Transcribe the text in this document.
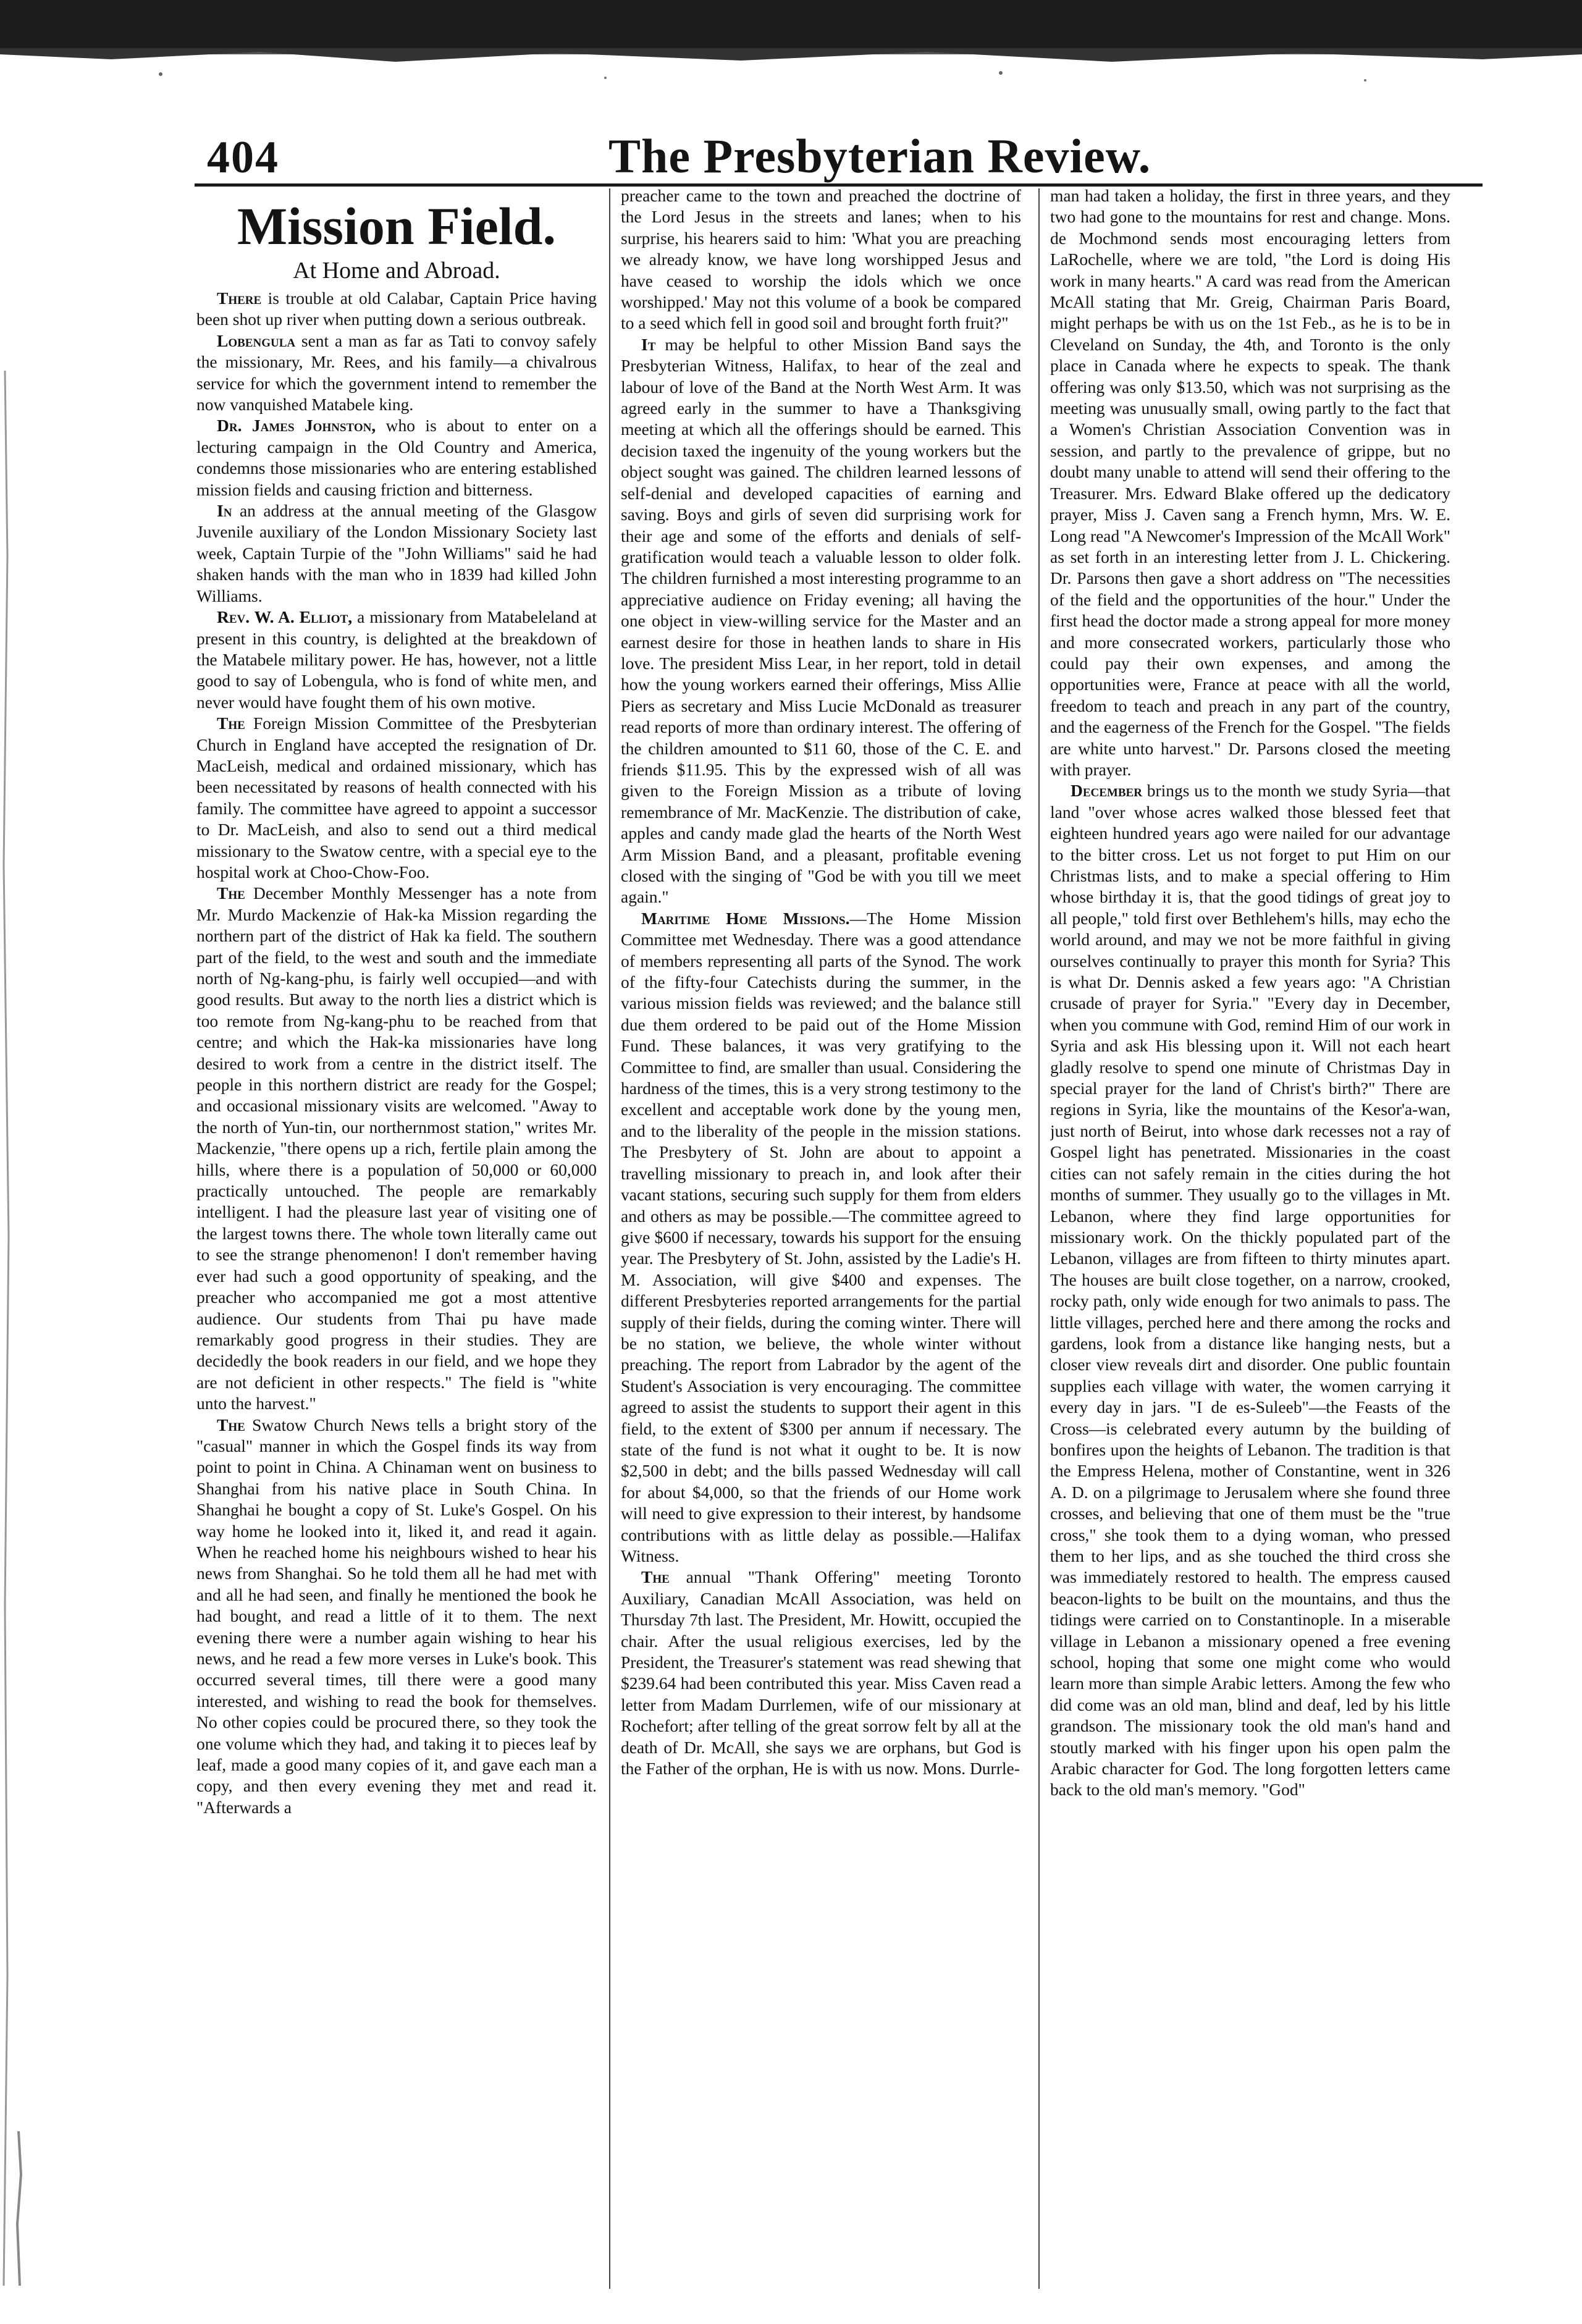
404	The Presbyterian Review.
Mission Field.
At Home and Abroad.

There is trouble at old Calabar, Captain Price having been shot up river when putting down a serious outbreak.

Lobengula sent a man as far as Tati to convoy safely the missionary, Mr. Rees, and his family—a chivalrous service for which the government intend to remember the now vanquished Matabele king.

Dr. James Johnston, who is about to enter on a lecturing campaign in the Old Country and America, condemns those missionaries who are entering established mission fields and causing friction and bitterness.

In an address at the annual meeting of the Glasgow Juvenile auxiliary of the London Missionary Society last week, Captain Turpie of the "John Williams" said he had shaken hands with the man who in 1839 had killed John Williams.

Rev. W. A. Elliot, a missionary from Matabeleland at present in this country, is delighted at the breakdown of the Matabele military power. He has, however, not a little good to say of Lobengula, who is fond of white men, and never would have fought them of his own motive.

The Foreign Mission Committee of the Presbyterian Church in England have accepted the resignation of Dr. MacLeish, medical and ordained missionary, which has been necessitated by reasons of health connected with his family. The committee have agreed to appoint a successor to Dr. MacLeish, and also to send out a third medical missionary to the Swatow centre, with a special eye to the hospital work at Choo-Chow-Foo.

The December Monthly Messenger has a note from Mr. Murdo Mackenzie of Hak-ka Mission regarding the northern part of the district of Hak ka field. The southern part of the field, to the west and south and the immediate north of Ng-kang-phu, is fairly well occupied—and with good results. But away to the north lies a district which is too remote from Ng-kang-phu to be reached from that centre; and which the Hak-ka missionaries have long desired to work from a centre in the district itself. The people in this northern district are ready for the Gospel; and occasional missionary visits are welcomed. "Away to the north of Yun-tin, our northernmost station," writes Mr. Mackenzie, "there opens up a rich, fertile plain among the hills, where there is a population of 50,000 or 60,000 practically untouched. The people are remarkably intelligent. I had the pleasure last year of visiting one of the largest towns there. The whole town literally came out to see the strange phenomenon! I don't remember having ever had such a good opportunity of speaking, and the preacher who accompanied me got a most attentive audience. Our students from Thai pu have made remarkably good progress in their studies. They are decidedly the book readers in our field, and we hope they are not deficient in other respects." The field is "white unto the harvest."

The Swatow Church News tells a bright story of the "casual" manner in which the Gospel finds its way from point to point in China. A Chinaman went on business to Shanghai from his native place in South China. In Shanghai he bought a copy of St. Luke's Gospel. On his way home he looked into it, liked it, and read it again. When he reached home his neighbours wished to hear his news from Shanghai. So he told them all he had met with and all he had seen, and finally he mentioned the book he had bought, and read a little of it to them. The next evening there were a number again wishing to hear his news, and he read a few more verses in Luke's book. This occurred several times, till there were a good many interested, and wishing to read the book for themselves. No other copies could be procured there, so they took the one volume which they had, and taking it to pieces leaf by leaf, made a good many copies of it, and gave each man a copy, and then every evening they met and read it. "Afterwards a

preacher came to the town and preached the doctrine of the Lord Jesus in the streets and lanes; when to his surprise, his hearers said to him: 'What you are preaching we already know, we have long worshipped Jesus and have ceased to worship the idols which we once worshipped.' May not this volume of a book be compared to a seed which fell in good soil and brought forth fruit?"

It may be helpful to other Mission Band says the Presbyterian Witness, Halifax, to hear of the zeal and labour of love of the Band at the North West Arm. It was agreed early in the summer to have a Thanksgiving meeting at which all the offerings should be earned. This decision taxed the ingenuity of the young workers but the object sought was gained. The children learned lessons of self-denial and developed capacities of earning and saving. Boys and girls of seven did surprising work for their age and some of the efforts and denials of self-gratification would teach a valuable lesson to older folk. The children furnished a most interesting programme to an appreciative audience on Friday evening; all having the one object in view-willing service for the Master and an earnest desire for those in heathen lands to share in His love. The president Miss Lear, in her report, told in detail how the young workers earned their offerings, Miss Allie Piers as secretary and Miss Lucie McDonald as treasurer read reports of more than ordinary interest. The offering of the children amounted to $11 60, those of the C. E. and friends $11.95. This by the expressed wish of all was given to the Foreign Mission as a tribute of loving remembrance of Mr. MacKenzie. The distribution of cake, apples and candy made glad the hearts of the North West Arm Mission Band, and a pleasant, profitable evening closed with the singing of "God be with you till we meet again."

Maritime Home Missions.—The Home Mission Committee met Wednesday. There was a good attendance of members representing all parts of the Synod. The work of the fifty-four Catechists during the summer, in the various mission fields was reviewed; and the balance still due them ordered to be paid out of the Home Mission Fund. These balances, it was very gratifying to the Committee to find, are smaller than usual. Considering the hardness of the times, this is a very strong testimony to the excellent and acceptable work done by the young men, and to the liberality of the people in the mission stations. The Presbytery of St. John are about to appoint a travelling missionary to preach in, and look after their vacant stations, securing such supply for them from elders and others as may be possible.—The committee agreed to give $600 if necessary, towards his support for the ensuing year. The Presbytery of St. John, assisted by the Ladie's H. M. Association, will give $400 and expenses. The different Presbyteries reported arrangements for the partial supply of their fields, during the coming winter. There will be no station, we believe, the whole winter without preaching. The report from Labrador by the agent of the Student's Association is very encouraging. The committee agreed to assist the students to support their agent in this field, to the extent of $300 per annum if necessary. The state of the fund is not what it ought to be. It is now $2,500 in debt; and the bills passed Wednesday will call for about $4,000, so that the friends of our Home work will need to give expression to their interest, by handsome contributions with as little delay as possible.—Halifax Witness.

The annual "Thank Offering" meeting Toronto Auxiliary, Canadian McAll Association, was held on Thursday 7th last. The President, Mr. Howitt, occupied the chair. After the usual religious exercises, led by the President, the Treasurer's statement was read shewing that $239.64 had been contributed this year. Miss Caven read a letter from Madam Durrlemen, wife of our missionary at Rochefort; after telling of the great sorrow felt by all at the death of Dr. McAll, she says we are orphans, but God is the Father of the orphan, He is with us now. Mons. Durrle-

man had taken a holiday, the first in three years, and they two had gone to the mountains for rest and change. Mons. de Mochmond sends most encouraging letters from LaRochelle, where we are told, "the Lord is doing His work in many hearts." A card was read from the American McAll stating that Mr. Greig, Chairman Paris Board, might perhaps be with us on the 1st Feb., as he is to be in Cleveland on Sunday, the 4th, and Toronto is the only place in Canada where he expects to speak. The thank offering was only $13.50, which was not surprising as the meeting was unusually small, owing partly to the fact that a Women's Christian Association Convention was in session, and partly to the prevalence of grippe, but no doubt many unable to attend will send their offering to the Treasurer. Mrs. Edward Blake offered up the dedicatory prayer, Miss J. Caven sang a French hymn, Mrs. W. E. Long read "A Newcomer's Impression of the McAll Work" as set forth in an interesting letter from J. L. Chickering. Dr. Parsons then gave a short address on "The necessities of the field and the opportunities of the hour." Under the first head the doctor made a strong appeal for more money and more consecrated workers, particularly those who could pay their own expenses, and among the opportunities were, France at peace with all the world, freedom to teach and preach in any part of the country, and the eagerness of the French for the Gospel. "The fields are white unto harvest." Dr. Parsons closed the meeting with prayer.

December brings us to the month we study Syria—that land "over whose acres walked those blessed feet that eighteen hundred years ago were nailed for our advantage to the bitter cross. Let us not forget to put Him on our Christmas lists, and to make a special offering to Him whose birthday it is, that the good tidings of great joy to all people," told first over Bethlehem's hills, may echo the world around, and may we not be more faithful in giving ourselves continually to prayer this month for Syria? This is what Dr. Dennis asked a few years ago: "A Christian crusade of prayer for Syria." "Every day in December, when you commune with God, remind Him of our work in Syria and ask His blessing upon it. Will not each heart gladly resolve to spend one minute of Christmas Day in special prayer for the land of Christ's birth?" There are regions in Syria, like the mountains of the Kesor'a-wan, just north of Beirut, into whose dark recesses not a ray of Gospel light has penetrated. Missionaries in the coast cities can not safely remain in the cities during the hot months of summer. They usually go to the villages in Mt. Lebanon, where they find large opportunities for missionary work. On the thickly populated part of the Lebanon, villages are from fifteen to thirty minutes apart. The houses are built close together, on a narrow, crooked, rocky path, only wide enough for two animals to pass. The little villages, perched here and there among the rocks and gardens, look from a distance like hanging nests, but a closer view reveals dirt and disorder. One public fountain supplies each village with water, the women carrying it every day in jars. "I de es-Suleeb"—the Feasts of the Cross—is celebrated every autumn by the building of bonfires upon the heights of Lebanon. The tradition is that the Empress Helena, mother of Constantine, went in 326 A. D. on a pilgrimage to Jerusalem where she found three crosses, and believing that one of them must be the "true cross," she took them to a dying woman, who pressed them to her lips, and as she touched the third cross she was immediately restored to health. The empress caused beacon-lights to be built on the mountains, and thus the tidings were carried on to Constantinople. In a miserable village in Lebanon a missionary opened a free evening school, hoping that some one might come who would learn more than simple Arabic letters. Among the few who did come was an old man, blind and deaf, led by his little grandson. The missionary took the old man's hand and stoutly marked with his finger upon his open palm the Arabic character for God. The long forgotten letters came back to the old man's memory. "God"
